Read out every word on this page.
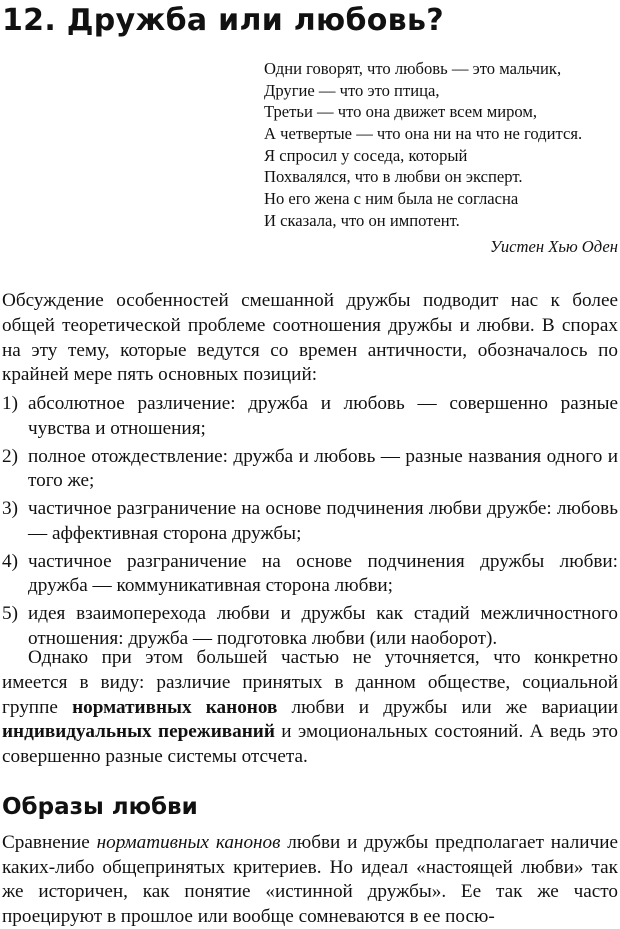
12. Дружба или любовь?
Одни говорят, что любовь — это мальчик,
Другие — что это птица,
Третьи — что она движет всем миром,
А четвертые — что она ни на что не годится.
Я спросил у соседа, который
Похвалялся, что в любви он эксперт.
Но его жена с ним была не согласна
И сказала, что он импотент.
Уистен Хью Оден

Обсуждение особенностей смешанной дружбы подводит нас к более общей теоретической проблеме соотношения дружбы и любви. В спорах на эту тему, которые ведутся со времен античности, обозначалось по крайней мере пять основных позиций:

1) абсолютное различение: дружба и любовь — совершенно разные чувства и отношения;
2) полное отождествление: дружба и любовь — разные названия одного и того же;
3) частичное разграничение на основе подчинения любви дружбе: любовь — аффективная сторона дружбы;
4) частичное разграничение на основе подчинения дружбы любви: дружба — коммуникативная сторона любви;
5) идея взаимоперехода любви и дружбы как стадий межличностного отношения: дружба — подготовка любви (или наоборот).

Однако при этом большей частью не уточняется, что конкретно имеется в виду: различие принятых в данном обществе, социальной группе нормативных канонов любви и дружбы или же вариации индивидуальных переживаний и эмоциональных состояний. А ведь это совершенно разные системы отсчета.

Образы любви

Сравнение нормативных канонов любви и дружбы предполагает наличие каких-либо общепринятых критериев. Но идеал «настоящей любви» так же историчен, как понятие «истинной дружбы». Ее так же часто проецируют в прошлое или вообще сомневаются в ее посю-
